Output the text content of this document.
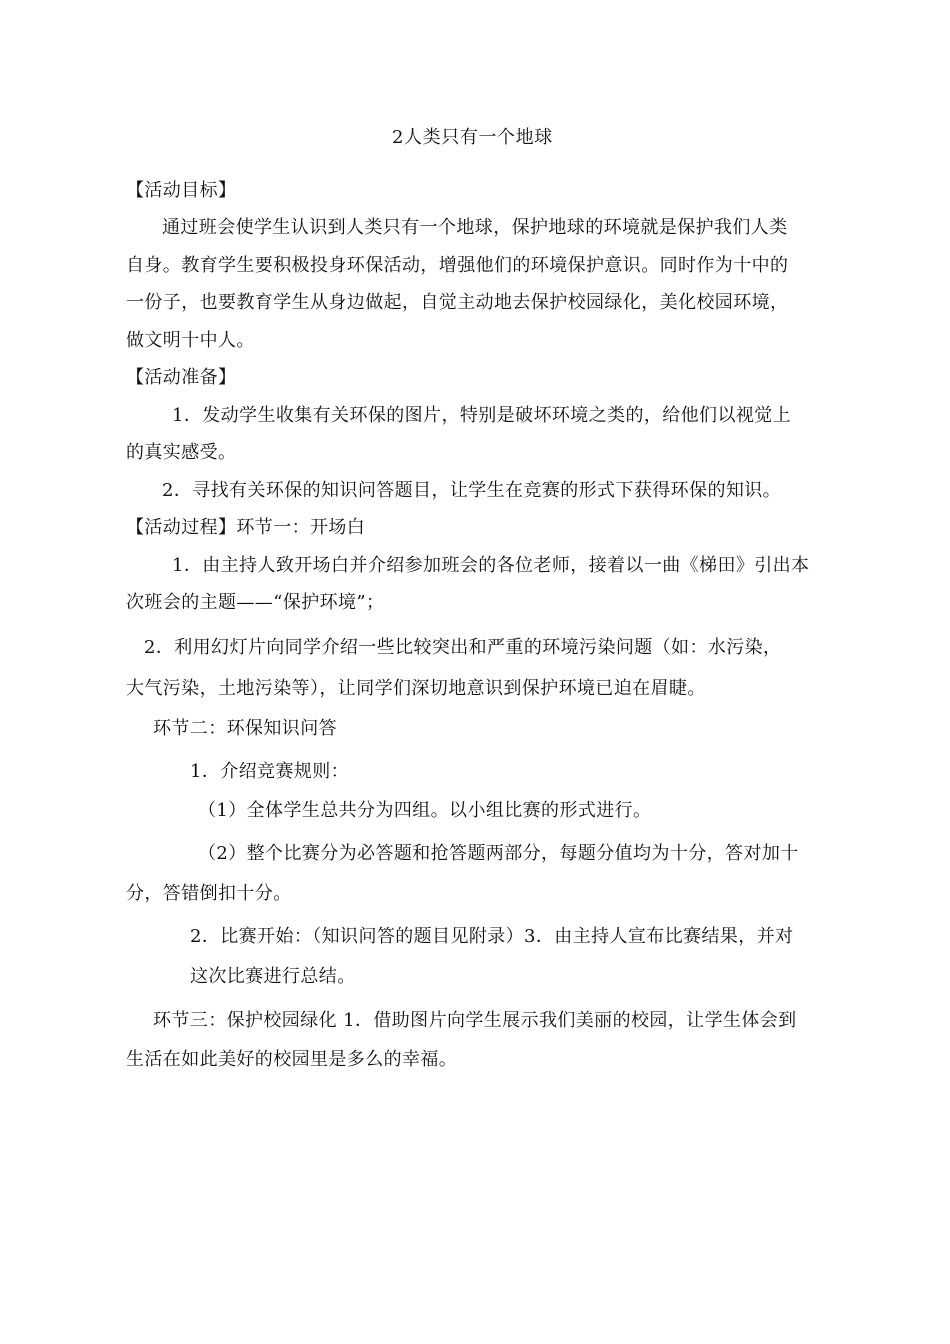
2人类只有一个地球
【活动目标】
通过班会使学生认识到人类只有一个地球，保护地球的环境就是保护我们人类
自身。教育学生要积极投身环保活动，增强他们的环境保护意识。同时作为十中的
一份子，也要教育学生从身边做起，自觉主动地去保护校园绿化，美化校园环境，
做文明十中人。
【活动准备】
1．发动学生收集有关环保的图片，特别是破坏环境之类的，给他们以视觉上
的真实感受。
2．寻找有关环保的知识问答题目，让学生在竞赛的形式下获得环保的知识。
【活动过程】环节一：开场白
1．由主持人致开场白并介绍参加班会的各位老师，接着以一曲《梯田》引出本
次班会的主题——“保护环境”；
2．利用幻灯片向同学介绍一些比较突出和严重的环境污染问题（如：水污染，
大气污染，土地污染等），让同学们深切地意识到保护环境已迫在眉睫。
环节二：环保知识问答
1．介绍竞赛规则：
（1）全体学生总共分为四组。以小组比赛的形式进行。
（2）整个比赛分为必答题和抢答题两部分，每题分值均为十分，答对加十
分，答错倒扣十分。
2．比赛开始：（知识问答的题目见附录）3．由主持人宣布比赛结果，并对
这次比赛进行总结。
环节三：保护校园绿化 1．借助图片向学生展示我们美丽的校园，让学生体会到
生活在如此美好的校园里是多么的幸福。
